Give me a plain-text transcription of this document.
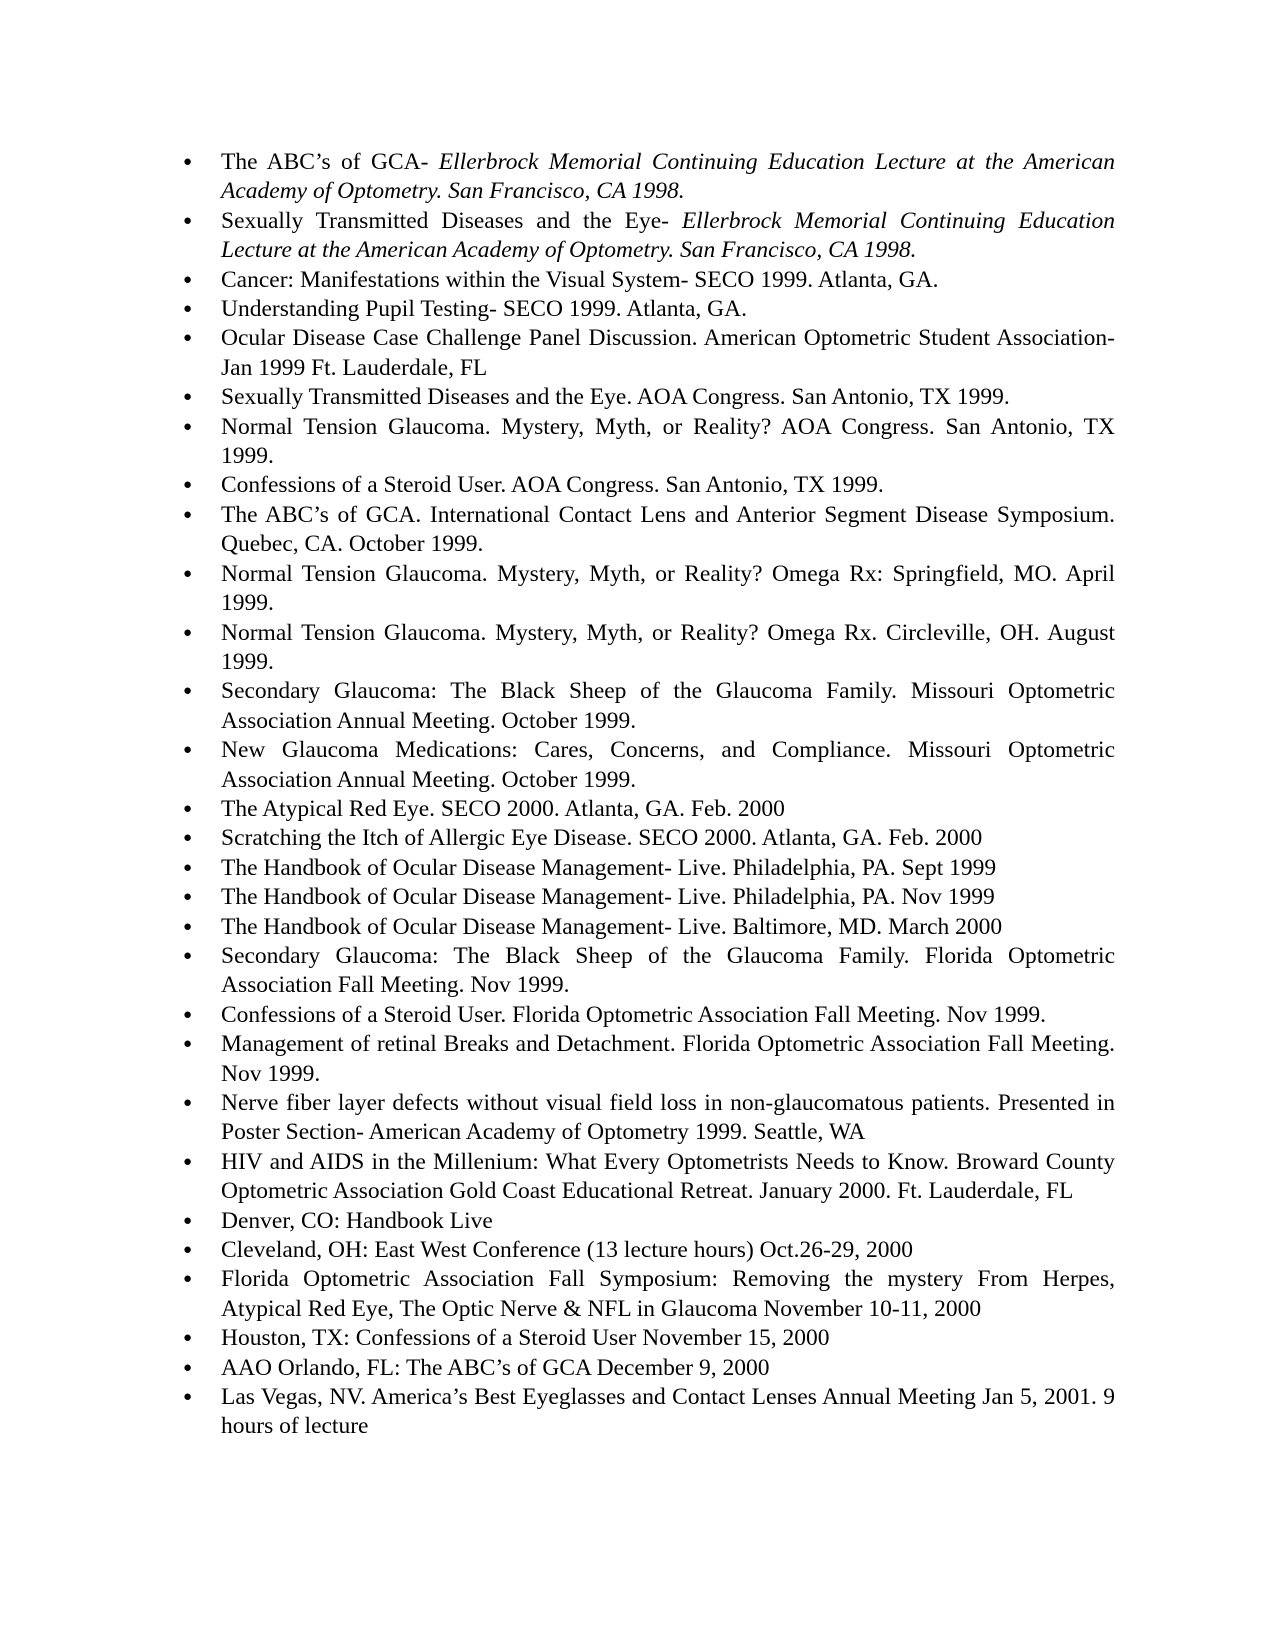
● The ABC’s of GCA- Ellerbrock Memorial Continuing Education Lecture at the American Academy of Optometry. San Francisco, CA 1998.
● Sexually Transmitted Diseases and the Eye- Ellerbrock Memorial Continuing Education Lecture at the American Academy of Optometry. San Francisco, CA 1998.
● Cancer: Manifestations within the Visual System- SECO 1999. Atlanta, GA.
● Understanding Pupil Testing- SECO 1999. Atlanta, GA.
● Ocular Disease Case Challenge Panel Discussion. American Optometric Student Association- Jan 1999 Ft. Lauderdale, FL
● Sexually Transmitted Diseases and the Eye. AOA Congress. San Antonio, TX 1999.
● Normal Tension Glaucoma. Mystery, Myth, or Reality? AOA Congress. San Antonio, TX 1999.
● Confessions of a Steroid User. AOA Congress. San Antonio, TX 1999.
● The ABC’s of GCA. International Contact Lens and Anterior Segment Disease Symposium. Quebec, CA. October 1999.
● Normal Tension Glaucoma. Mystery, Myth, or Reality? Omega Rx: Springfield, MO. April 1999.
● Normal Tension Glaucoma. Mystery, Myth, or Reality? Omega Rx. Circleville, OH. August 1999.
● Secondary Glaucoma: The Black Sheep of the Glaucoma Family. Missouri Optometric Association Annual Meeting. October 1999.
● New Glaucoma Medications: Cares, Concerns, and Compliance. Missouri Optometric Association Annual Meeting. October 1999.
● The Atypical Red Eye. SECO 2000. Atlanta, GA. Feb. 2000
● Scratching the Itch of Allergic Eye Disease. SECO 2000. Atlanta, GA. Feb. 2000
● The Handbook of Ocular Disease Management- Live. Philadelphia, PA. Sept 1999
● The Handbook of Ocular Disease Management- Live. Philadelphia, PA. Nov 1999
● The Handbook of Ocular Disease Management- Live. Baltimore, MD. March 2000
● Secondary Glaucoma: The Black Sheep of the Glaucoma Family. Florida Optometric Association Fall Meeting. Nov 1999.
● Confessions of a Steroid User. Florida Optometric Association Fall Meeting. Nov 1999.
● Management of retinal Breaks and Detachment. Florida Optometric Association Fall Meeting. Nov 1999.
● Nerve fiber layer defects without visual field loss in non-glaucomatous patients. Presented in Poster Section- American Academy of Optometry 1999. Seattle, WA
● HIV and AIDS in the Millenium: What Every Optometrists Needs to Know. Broward County Optometric Association Gold Coast Educational Retreat. January 2000. Ft. Lauderdale, FL
● Denver, CO: Handbook Live
● Cleveland, OH: East West Conference (13 lecture hours) Oct.26-29, 2000
● Florida Optometric Association Fall Symposium: Removing the mystery From Herpes, Atypical Red Eye, The Optic Nerve & NFL in Glaucoma November 10-11, 2000
● Houston, TX: Confessions of a Steroid User November 15, 2000
● AAO Orlando, FL: The ABC’s of GCA December 9, 2000
● Las Vegas, NV. America’s Best Eyeglasses and Contact Lenses Annual Meeting Jan 5, 2001. 9 hours of lecture
